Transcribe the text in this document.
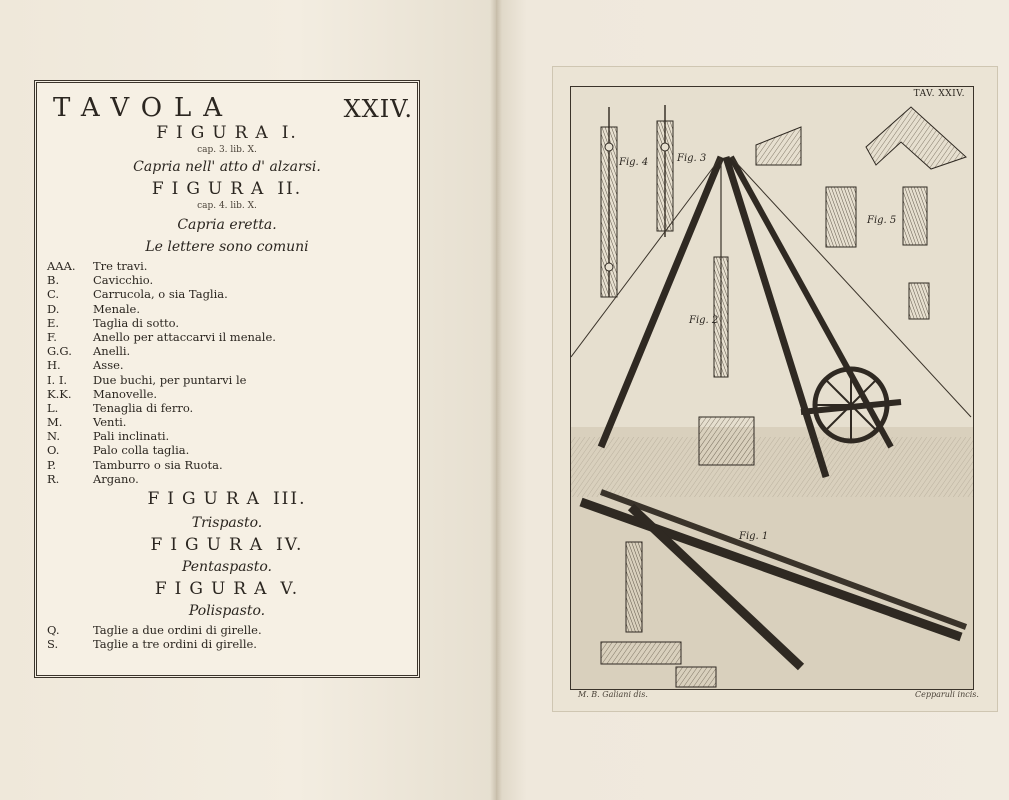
TAVOLA	XXIV.
FIGURA I.
cap. 3. lib. X.
Capria nell' atto d' alzarsi.
FIGURA II.
cap. 4. lib. X.
Capria eretta.
Le lettere sono comuni
AAA.	Tre travi.
B.	Cavicchio.
C.	Carrucola, o sia Taglia.
D.	Menale.
E.	Taglia di sotto.
F.	Anello per attaccarvi il menale.
G.G.	Anelli.
H.	Asse.
I. I.	Due buchi, per puntarvi le
K.K.	Manovelle.
L.	Tenaglia di ferro.
M.	Venti.
N.	Pali inclinati.
O.	Palo colla taglia.
P.	Tamburro o sia Ruota.
R.	Argano.
FIGURA III.
Trispasto.
FIGURA IV.
Pentaspasto.
FIGURA V.
Polispasto.
Q.	Taglie a due ordini di girelle.
S.	Taglie a tre ordini di girelle.
Fig. 4	Fig. 3
Fig. 5
Fig. 2
Fig. 1
TAV. XXIV.
M. B. Galiani dis.	Cepparuli incis.
